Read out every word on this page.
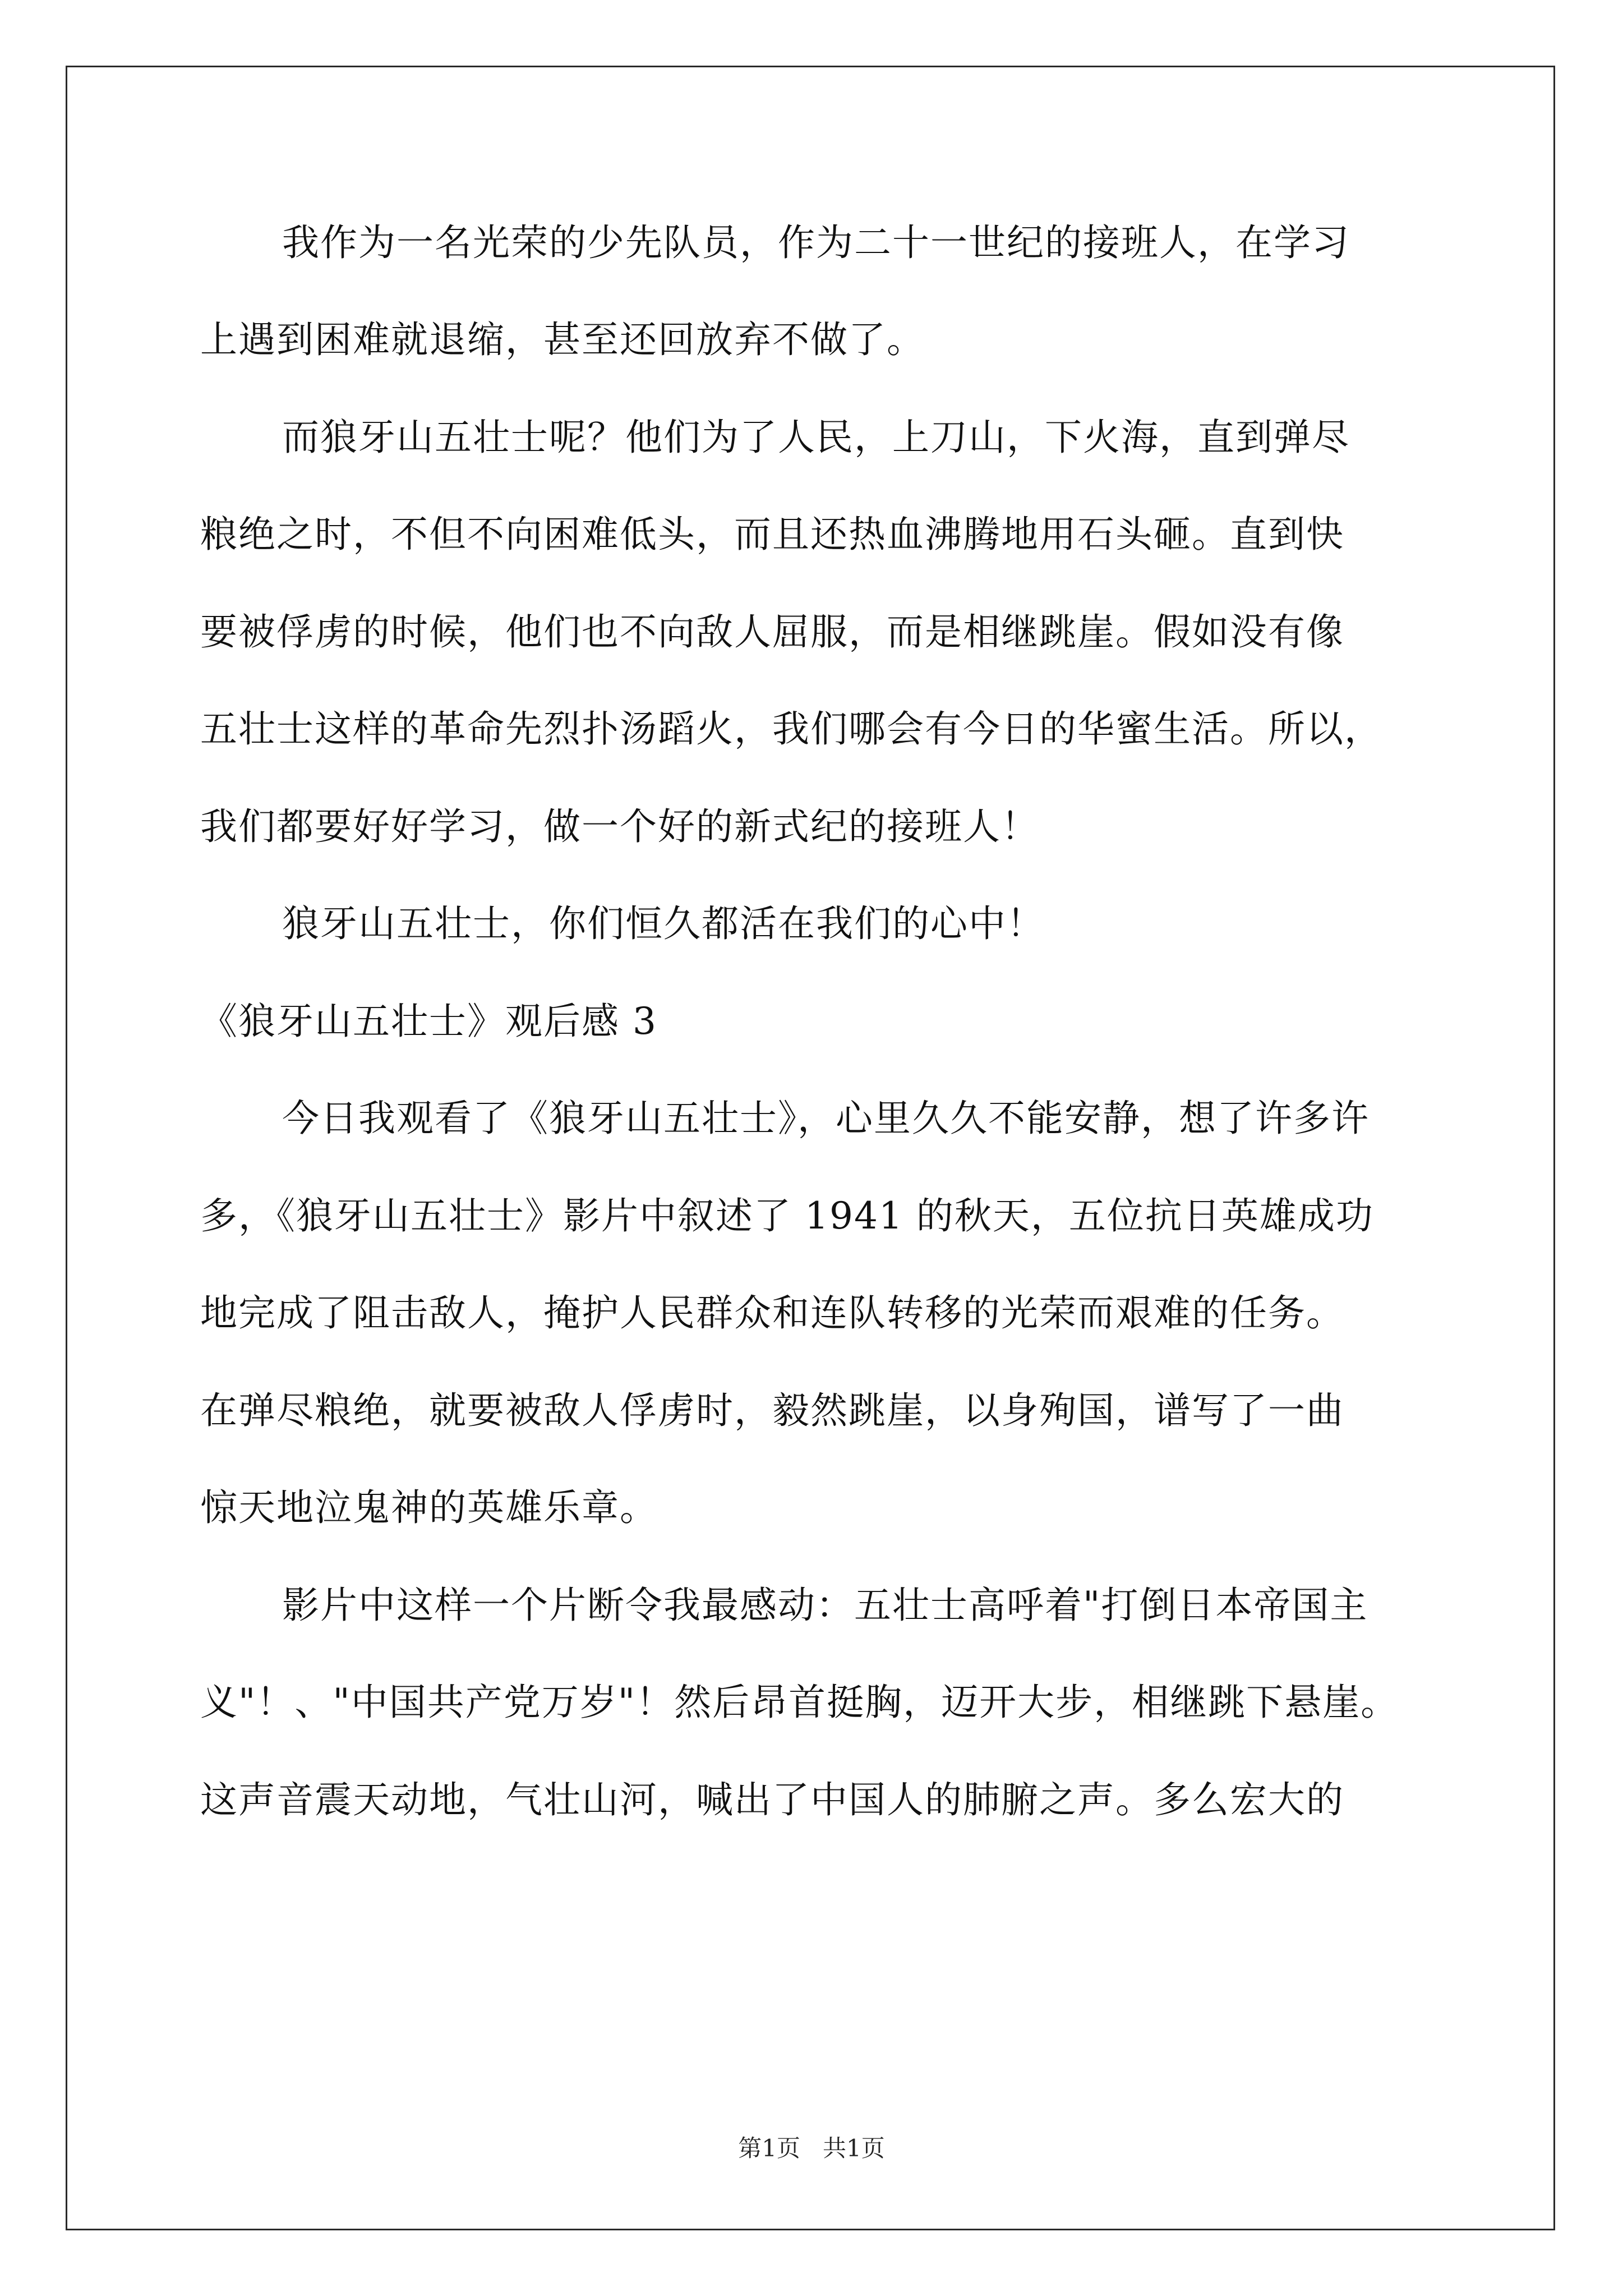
我作为一名光荣的少先队员，作为二十一世纪的接班人，在学习
上遇到困难就退缩，甚至还回放弃不做了。
而狼牙山五壮士呢？他们为了人民，上刀山，下火海，直到弹尽
粮绝之时，不但不向困难低头，而且还热血沸腾地用石头砸。直到快
要被俘虏的时候，他们也不向敌人屈服，而是相继跳崖。假如没有像
五壮士这样的革命先烈扑汤蹈火，我们哪会有今日的华蜜生活。所以，
我们都要好好学习，做一个好的新式纪的接班人！
狼牙山五壮士，你们恒久都活在我们的心中！
《狼牙山五壮士》观后感 3
今日我观看了《狼牙山五壮士》，心里久久不能安静，想了许多许
多，《狼牙山五壮士》影片中叙述了 1941 的秋天，五位抗日英雄成功
地完成了阻击敌人，掩护人民群众和连队转移的光荣而艰难的任务。
在弹尽粮绝，就要被敌人俘虏时，毅然跳崖，以身殉国，谱写了一曲
惊天地泣鬼神的英雄乐章。
影片中这样一个片断令我最感动：五壮士高呼着"打倒日本帝国主
义"！、"中国共产党万岁"！然后昂首挺胸，迈开大步，相继跳下悬崖。
这声音震天动地，气壮山河，喊出了中国人的肺腑之声。多么宏大的
第1页 共1页
